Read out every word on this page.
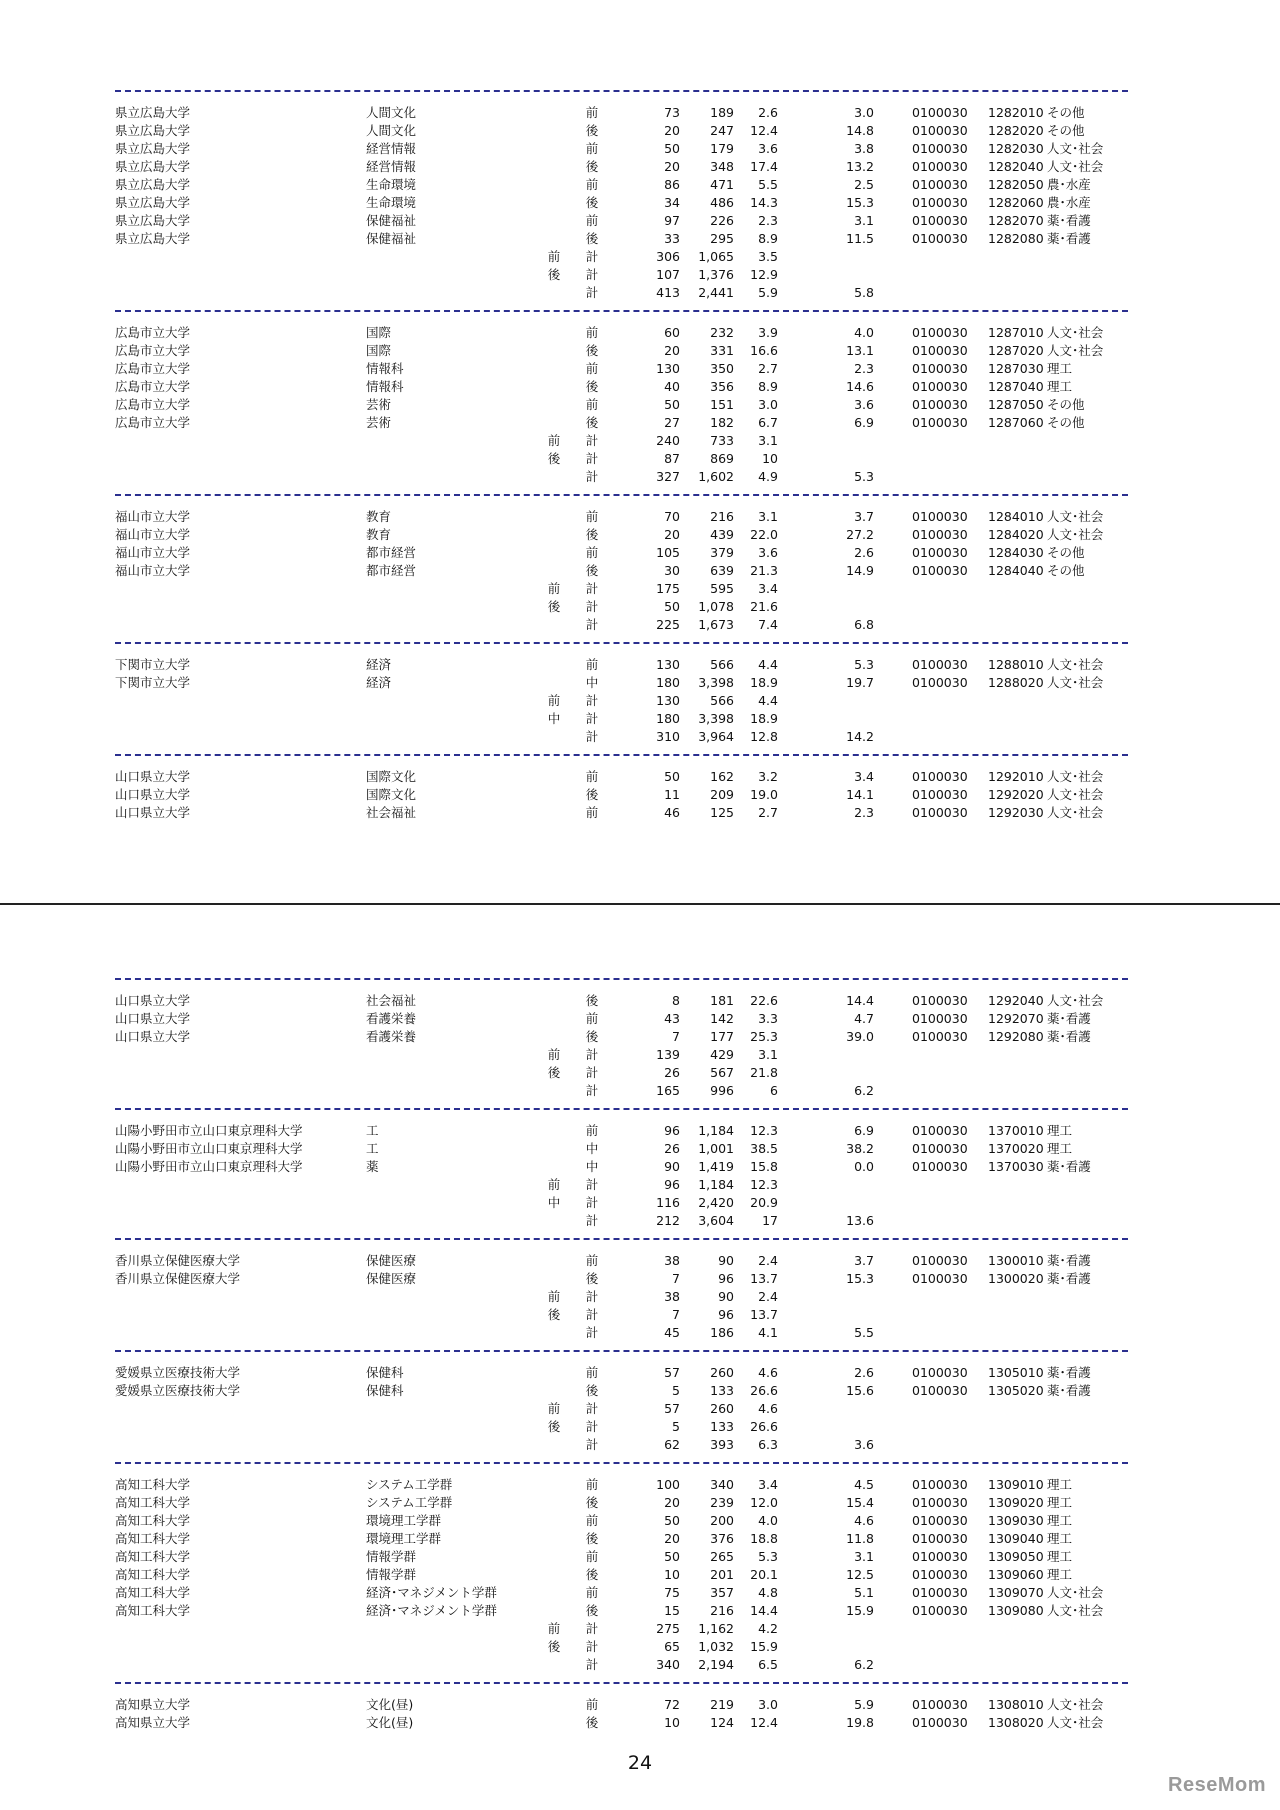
県立広島大学	人間文化	前	73	189	2.6	3.0	0100030 1282010 その他
県立広島大学	人間文化	後	20	247	12.4	14.8	0100030 1282020 その他
県立広島大学	経営情報	前	50	179	3.6	3.8	0100030 1282030 人文･社会
県立広島大学	経営情報	後	20	348	17.4	13.2	0100030 1282040 人文･社会
県立広島大学	生命環境	前	86	471	5.5	2.5	0100030 1282050 農･水産
県立広島大学	生命環境	後	34	486	14.3	15.3	0100030 1282060 農･水産
県立広島大学	保健福祉	前	97	226	2.3	3.1	0100030 1282070 薬･看護
県立広島大学	保健福祉	後	33	295	8.9	11.5	0100030 1282080 薬･看護
前 計	306	1,065	3.5
後 計	107	1,376	12.9
計	413	2,441	5.9	5.8
広島市立大学	国際	前	60	232	3.9	4.0	0100030 1287010 人文･社会
広島市立大学	国際	後	20	331	16.6	13.1	0100030 1287020 人文･社会
広島市立大学	情報科	前	130	350	2.7	2.3	0100030 1287030 理工
広島市立大学	情報科	後	40	356	8.9	14.6	0100030 1287040 理工
広島市立大学	芸術	前	50	151	3.0	3.6	0100030 1287050 その他
広島市立大学	芸術	後	27	182	6.7	6.9	0100030 1287060 その他
前 計	240	733	3.1
後 計	87	869	10
計	327	1,602	4.9	5.3
福山市立大学	教育	前	70	216	3.1	3.7	0100030 1284010 人文･社会
福山市立大学	教育	後	20	439	22.0	27.2	0100030 1284020 人文･社会
福山市立大学	都市経営	前	105	379	3.6	2.6	0100030 1284030 その他
福山市立大学	都市経営	後	30	639	21.3	14.9	0100030 1284040 その他
前 計	175	595	3.4
後 計	50	1,078	21.6
計	225	1,673	7.4	6.8
下関市立大学	経済	前	130	566	4.4	5.3	0100030 1288010 人文･社会
下関市立大学	経済	中	180	3,398	18.9	19.7	0100030 1288020 人文･社会
前 計	130	566	4.4
中 計	180	3,398	18.9
計	310	3,964	12.8	14.2
山口県立大学	国際文化	前	50	162	3.2	3.4	0100030 1292010 人文･社会
山口県立大学	国際文化	後	11	209	19.0	14.1	0100030 1292020 人文･社会
山口県立大学	社会福祉	前	46	125	2.7	2.3	0100030 1292030 人文･社会
山口県立大学	社会福祉	後	8	181	22.6	14.4	0100030 1292040 人文･社会
山口県立大学	看護栄養	前	43	142	3.3	4.7	0100030 1292070 薬･看護
山口県立大学	看護栄養	後	7	177	25.3	39.0	0100030 1292080 薬･看護
前 計	139	429	3.1
後 計	26	567	21.8
計	165	996	6	6.2
山陽小野田市立山口東京理科大学	工	前	96	1,184	12.3	6.9	0100030 1370010 理工
山陽小野田市立山口東京理科大学	工	中	26	1,001	38.5	38.2	0100030 1370020 理工
山陽小野田市立山口東京理科大学	薬	中	90	1,419	15.8	0.0	0100030 1370030 薬･看護
前 計	96	1,184	12.3
中 計	116	2,420	20.9
計	212	3,604	17	13.6
香川県立保健医療大学	保健医療	前	38	90	2.4	3.7	0100030 1300010 薬･看護
香川県立保健医療大学	保健医療	後	7	96	13.7	15.3	0100030 1300020 薬･看護
前 計	38	90	2.4
後 計	7	96	13.7
計	45	186	4.1	5.5
愛媛県立医療技術大学	保健科	前	57	260	4.6	2.6	0100030 1305010 薬･看護
愛媛県立医療技術大学	保健科	後	5	133	26.6	15.6	0100030 1305020 薬･看護
前 計	57	260	4.6
後 計	5	133	26.6
計	62	393	6.3	3.6
高知工科大学	システム工学群	前	100	340	3.4	4.5	0100030 1309010 理工
高知工科大学	システム工学群	後	20	239	12.0	15.4	0100030 1309020 理工
高知工科大学	環境理工学群	前	50	200	4.0	4.6	0100030 1309030 理工
高知工科大学	環境理工学群	後	20	376	18.8	11.8	0100030 1309040 理工
高知工科大学	情報学群	前	50	265	5.3	3.1	0100030 1309050 理工
高知工科大学	情報学群	後	10	201	20.1	12.5	0100030 1309060 理工
高知工科大学	経済･マネジメント学群	前	75	357	4.8	5.1	0100030 1309070 人文･社会
高知工科大学	経済･マネジメント学群	後	15	216	14.4	15.9	0100030 1309080 人文･社会
前 計	275	1,162	4.2
後 計	65	1,032	15.9
計	340	2,194	6.5	6.2
高知県立大学	文化(昼)	前	72	219	3.0	5.9	0100030 1308010 人文･社会
高知県立大学	文化(昼)	後	10	124	12.4	19.8	0100030 1308020 人文･社会
24
ReseMom
